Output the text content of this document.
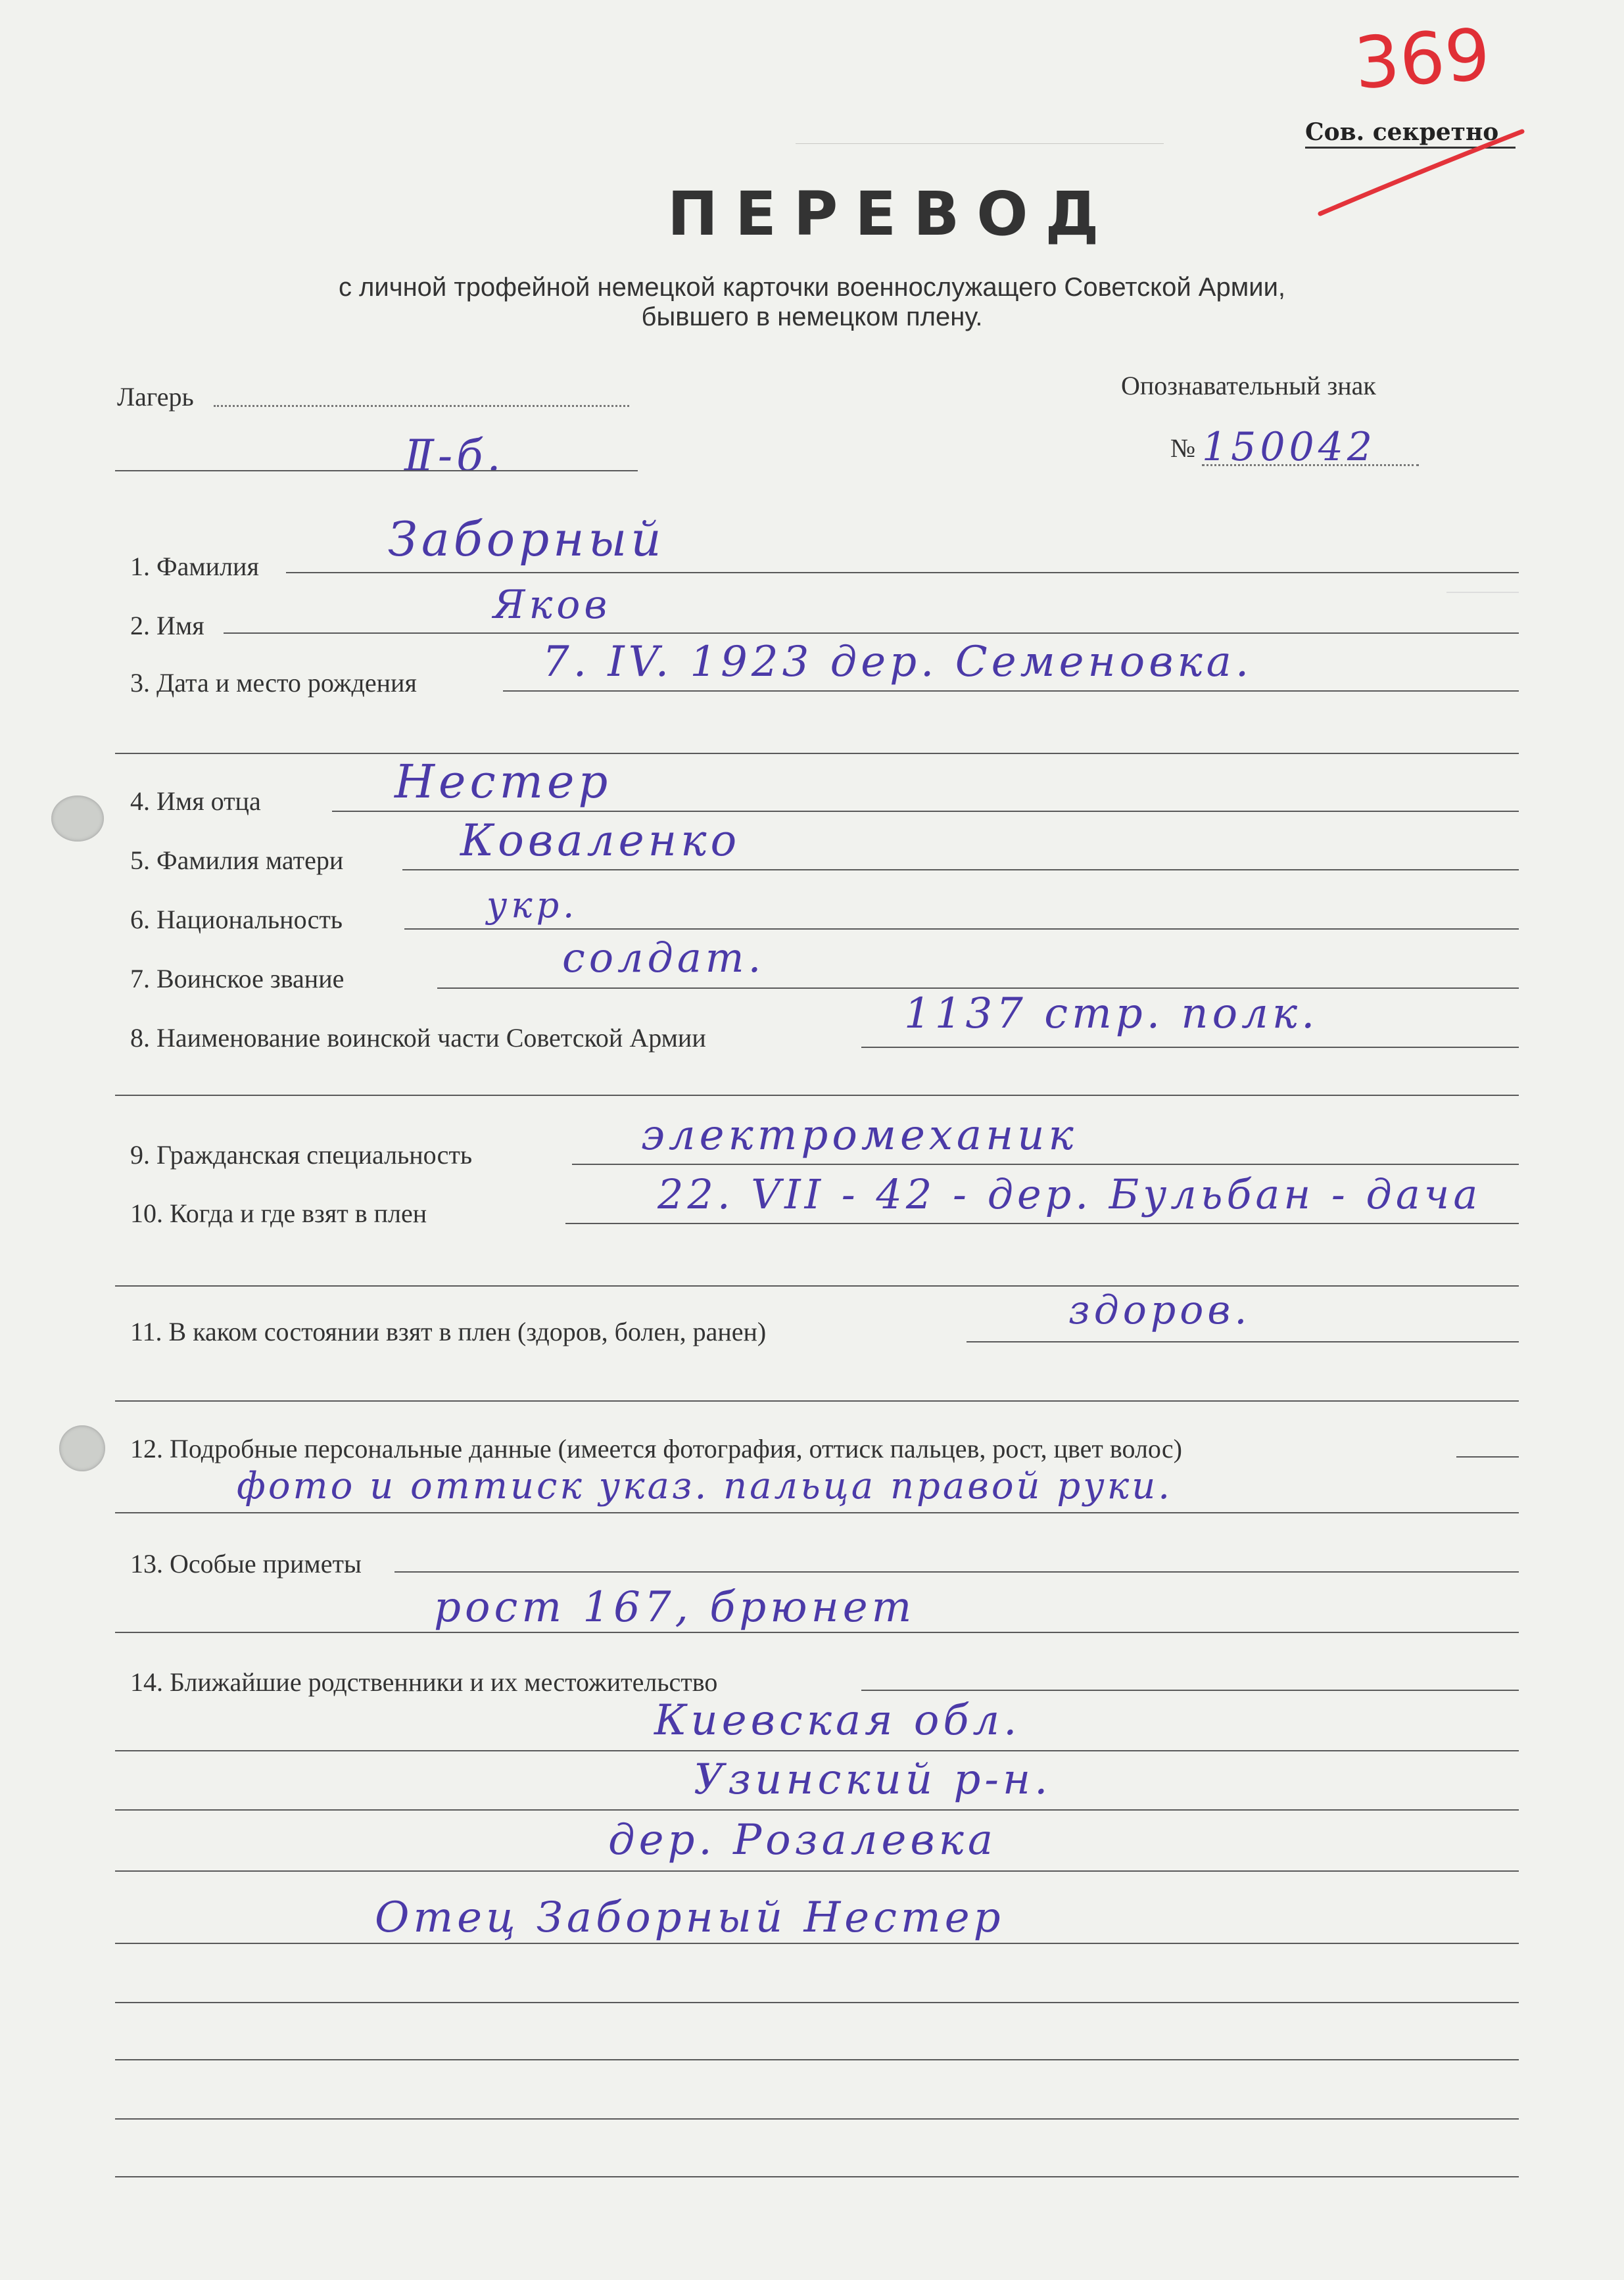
369
Сов. секретно
ПЕРЕВОД
с личной трофейной немецкой карточки военнослужащего Советской Армии,
бывшего в немецком плену.
Лагерь
Ⅱ-б.
Опознавательный знак
№ 150042
1. Фамилия	Заборный
2. Имя	Яков
3. Дата и место рождения	7. IV. 1923 дер. Семеновка.
4. Имя отца	Нестер
5. Фамилия матери	Коваленко
6. Национальность	укр.
7. Воинское звание	солдат.
8. Наименование воинской части Советской Армии	1137 стр. полк.
9. Гражданская специальность	электромеханик
10. Когда и где взят в плен	22. VII - 42 - дер. Бульбан - дача
11. В каком состоянии взят в плен (здоров, болен, ранен)	здоров.
12. Подробные персональные данные (имеется фотография, оттиск пальцев, рост, цвет волос)
фото и оттиск указ. пальца правой руки.
13. Особые приметы
рост 167, брюнет
14. Ближайшие родственники и их местожительство
Киевская обл.
Узинский р-н.
дер. Розалевка
Отец Заборный Нестер
